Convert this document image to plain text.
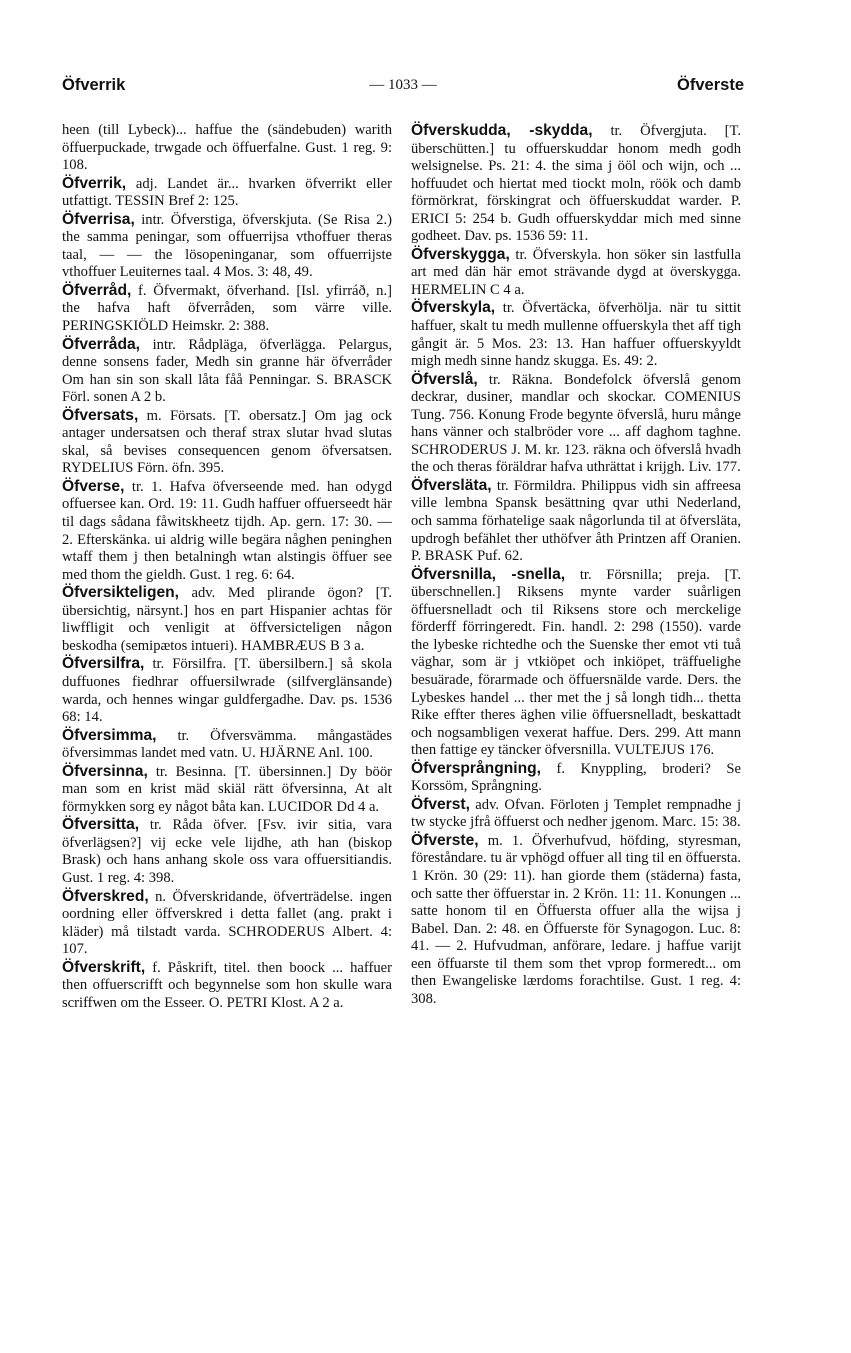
Öfverrik	— 1033 —	Öfverste

heen (till Lybeck)... haffue the (sändebuden) warith öffuerpuckade, trwgade och öffuerfalne. Gust. 1 reg. 9: 108.

Öfverrik, adj. Landet är... hvarken öfverrikt eller utfattigt. TESSIN Bref 2: 125.

Öfverrisa, intr. Öfverstiga, öfverskjuta. (Se Risa 2.) the samma peningar, som offuerrijsa vthoffuer theras taal, — — the lösopeninganar, som offuerrijste vthoffuer Leuiternes taal. 4 Mos. 3: 48, 49.

Öfverråd, f. Öfvermakt, öfverhand. [Isl. yfirráð, n.] the hafva haft öfverråden, som värre ville. PERINGSKIÖLD Heimskr. 2: 388.

Öfverråda, intr. Rådpläga, öfverlägga. Pelargus, denne sonsens fader, Medh sin granne här öfverråder Om han sin son skall låta fåå Penningar. S. BRASCK Förl. sonen A 2 b.

Öfversats, m. Försats. [T. obersatz.] Om jag ock antager undersatsen och theraf strax slutar hvad slutas skal, så bevises consequencen genom öfversatsen. RYDELIUS Förn. öfn. 395.

Öfverse, tr. 1. Hafva öfverseende med. han odygd offuersee kan. Ord. 19: 11. Gudh haffuer offuerseedt här til dags sådana fåwitskheetz tijdh. Ap. gern. 17: 30. — 2. Efterskänka. ui aldrig wille begära någhen peninghen wtaff them j then betalningh wtan alstingis öffuer see med thom the gieldh. Gust. 1 reg. 6: 64.

Öfversikteligen, adv. Med plirande ögon? [T. übersichtig, närsynt.] hos en part Hispanier achtas för liwffligit och venligit at öffversicteligen någon beskodha (semipætos intueri). HAMBRÆUS B 3 a.

Öfversilfra, tr. Försilfra. [T. übersilbern.] så skola duffuones fiedhrar offuersilwrade (silfverglänsande) warda, och hennes wingar guldfergadhe. Dav. ps. 1536 68: 14.

Öfversimma, tr. Öfversvämma. mångastädes öfversimmas landet med vatn. U. HJÄRNE Anl. 100.

Öfversinna, tr. Besinna. [T. übersinnen.] Dy böör man som en krist mäd skiäl rätt öfversinna, At alt förmykken sorg ey något båta kan. LUCIDOR Dd 4 a.

Öfversitta, tr. Råda öfver. [Fsv. ivir sitia, vara öfverlägsen?] vij ecke vele lijdhe, ath han (biskop Brask) och hans anhang skole oss vara offuersitiandis. Gust. 1 reg. 4: 398.

Öfverskred, n. Öfverskridande, öfverträdelse. ingen oordning eller öffverskred i detta fallet (ang. prakt i kläder) må tilstadt varda. SCHRODERUS Albert. 4: 107.

Öfverskrift, f. Påskrift, titel. then boock ... haffuer then offuerscrifft och begynnelse som hon skulle wara scriffwen om the Esseer. O. PETRI Klost. A 2 a.

Öfverskudda, -skydda, tr. Öfvergjuta. [T. überschütten.] tu offuerskuddar honom medh godh welsignelse. Ps. 21: 4. the sima j ööl och wijn, och ... hoffuudet och hiertat med tiockt moln, röök och damb förmörkrat, förskingrat och öffuerskuddat warder. P. ERICI 5: 254 b. Gudh offuerskyddar mich med sinne godheet. Dav. ps. 1536 59: 11.

Öfverskygga, tr. Öfverskyla. hon söker sin lastfulla art med dän här emot strävande dygd at överskygga. HERMELIN C 4 a.

Öfverskyla, tr. Öfvertäcka, öfverhölja. när tu sittit haffuer, skalt tu medh mullenne offuerskyla thet aff tigh gångit är. 5 Mos. 23: 13. Han haffuer offuerskyyldt migh medh sinne handz skugga. Es. 49: 2.

Öfverslå, tr. Räkna. Bondefolck öfverslå genom deckrar, dusiner, mandlar och skockar. COMENIUS Tung. 756. Konung Frode begynte öfverslå, huru månge hans vänner och stalbröder vore ... aff daghom taghne. SCHRODERUS J. M. kr. 123. räkna och öfverslå hvadh the och theras föräldrar hafva uthrättat i krijgh. Liv. 177.

Öfversläta, tr. Förmildra. Philippus vidh sin affreesa ville lembna Spansk besättning qvar uthi Nederland, och samma förhatelige saak någorlunda til at öfversläta, updrogh befählet ther uthöfver åth Printzen aff Oranien. P. BRASK Puf. 62.

Öfversnilla, -snella, tr. Försnilla; preja. [T. überschnellen.] Riksens mynte varder suårligen öffuersnelladt och til Riksens store och merckelige förderff förringeredt. Fin. handl. 2: 298 (1550). varde the lybeske richtedhe och the Suenske ther emot vti tuå väghar, som är j vtkiöpet och inkiöpet, träffuelighe besuärade, förarmade och öffuersnälde varde. Ders. the Lybeskes handel ... ther met the j så longh tidh... thetta Rike effter theres äghen vilie öffuersnelladt, beskattadt och nogsambligen vexerat haffue. Ders. 299. Att mann then fattige ey täncker öfversnilla. VULTEJUS 176.

Öfversprångning, f. Knyppling, broderi? Se Korssöm, Språngning.

Öfverst, adv. Ofvan. Förloten j Templet rempnadhe j tw stycke jfrå öffuerst och nedher jgenom. Marc. 15: 38.

Öfverste, m. 1. Öfverhufvud, höfding, styresman, föreståndare. tu är vphögd offuer all ting til en öffuersta. 1 Krön. 30 (29: 11). han giorde them (städerna) fasta, och satte ther öffuerstar in. 2 Krön. 11: 11. Konungen ... satte honom til en Öffuersta offuer alla the wijsa j Babel. Dan. 2: 48. en Öffuerste för Synagogon. Luc. 8: 41. — 2. Hufvudman, anförare, ledare. j haffue varijt een öffuarste til them som thet vprop formeredt... om then Ewangeliske lærdoms forachtilse. Gust. 1 reg. 4: 308.
